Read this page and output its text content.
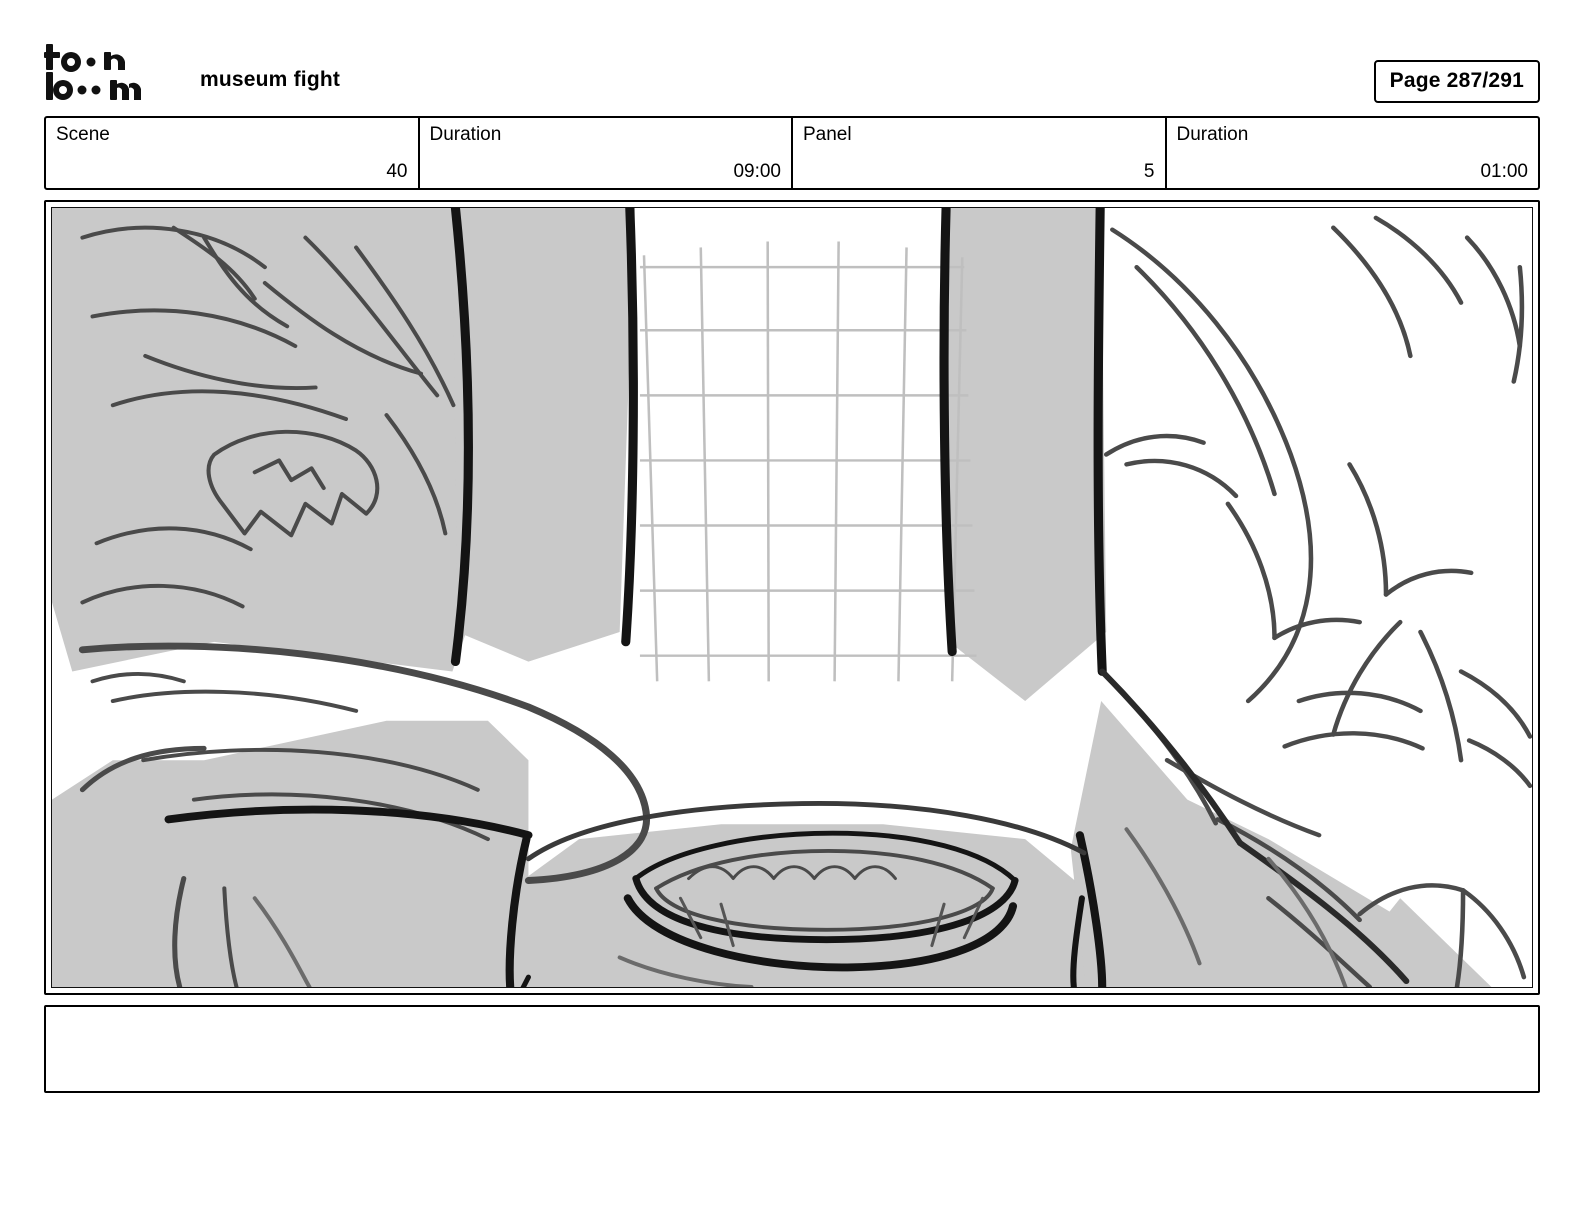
museum fight	Page 287/291
Scene
40
Duration
09:00
Panel
5
Duration
01:00
